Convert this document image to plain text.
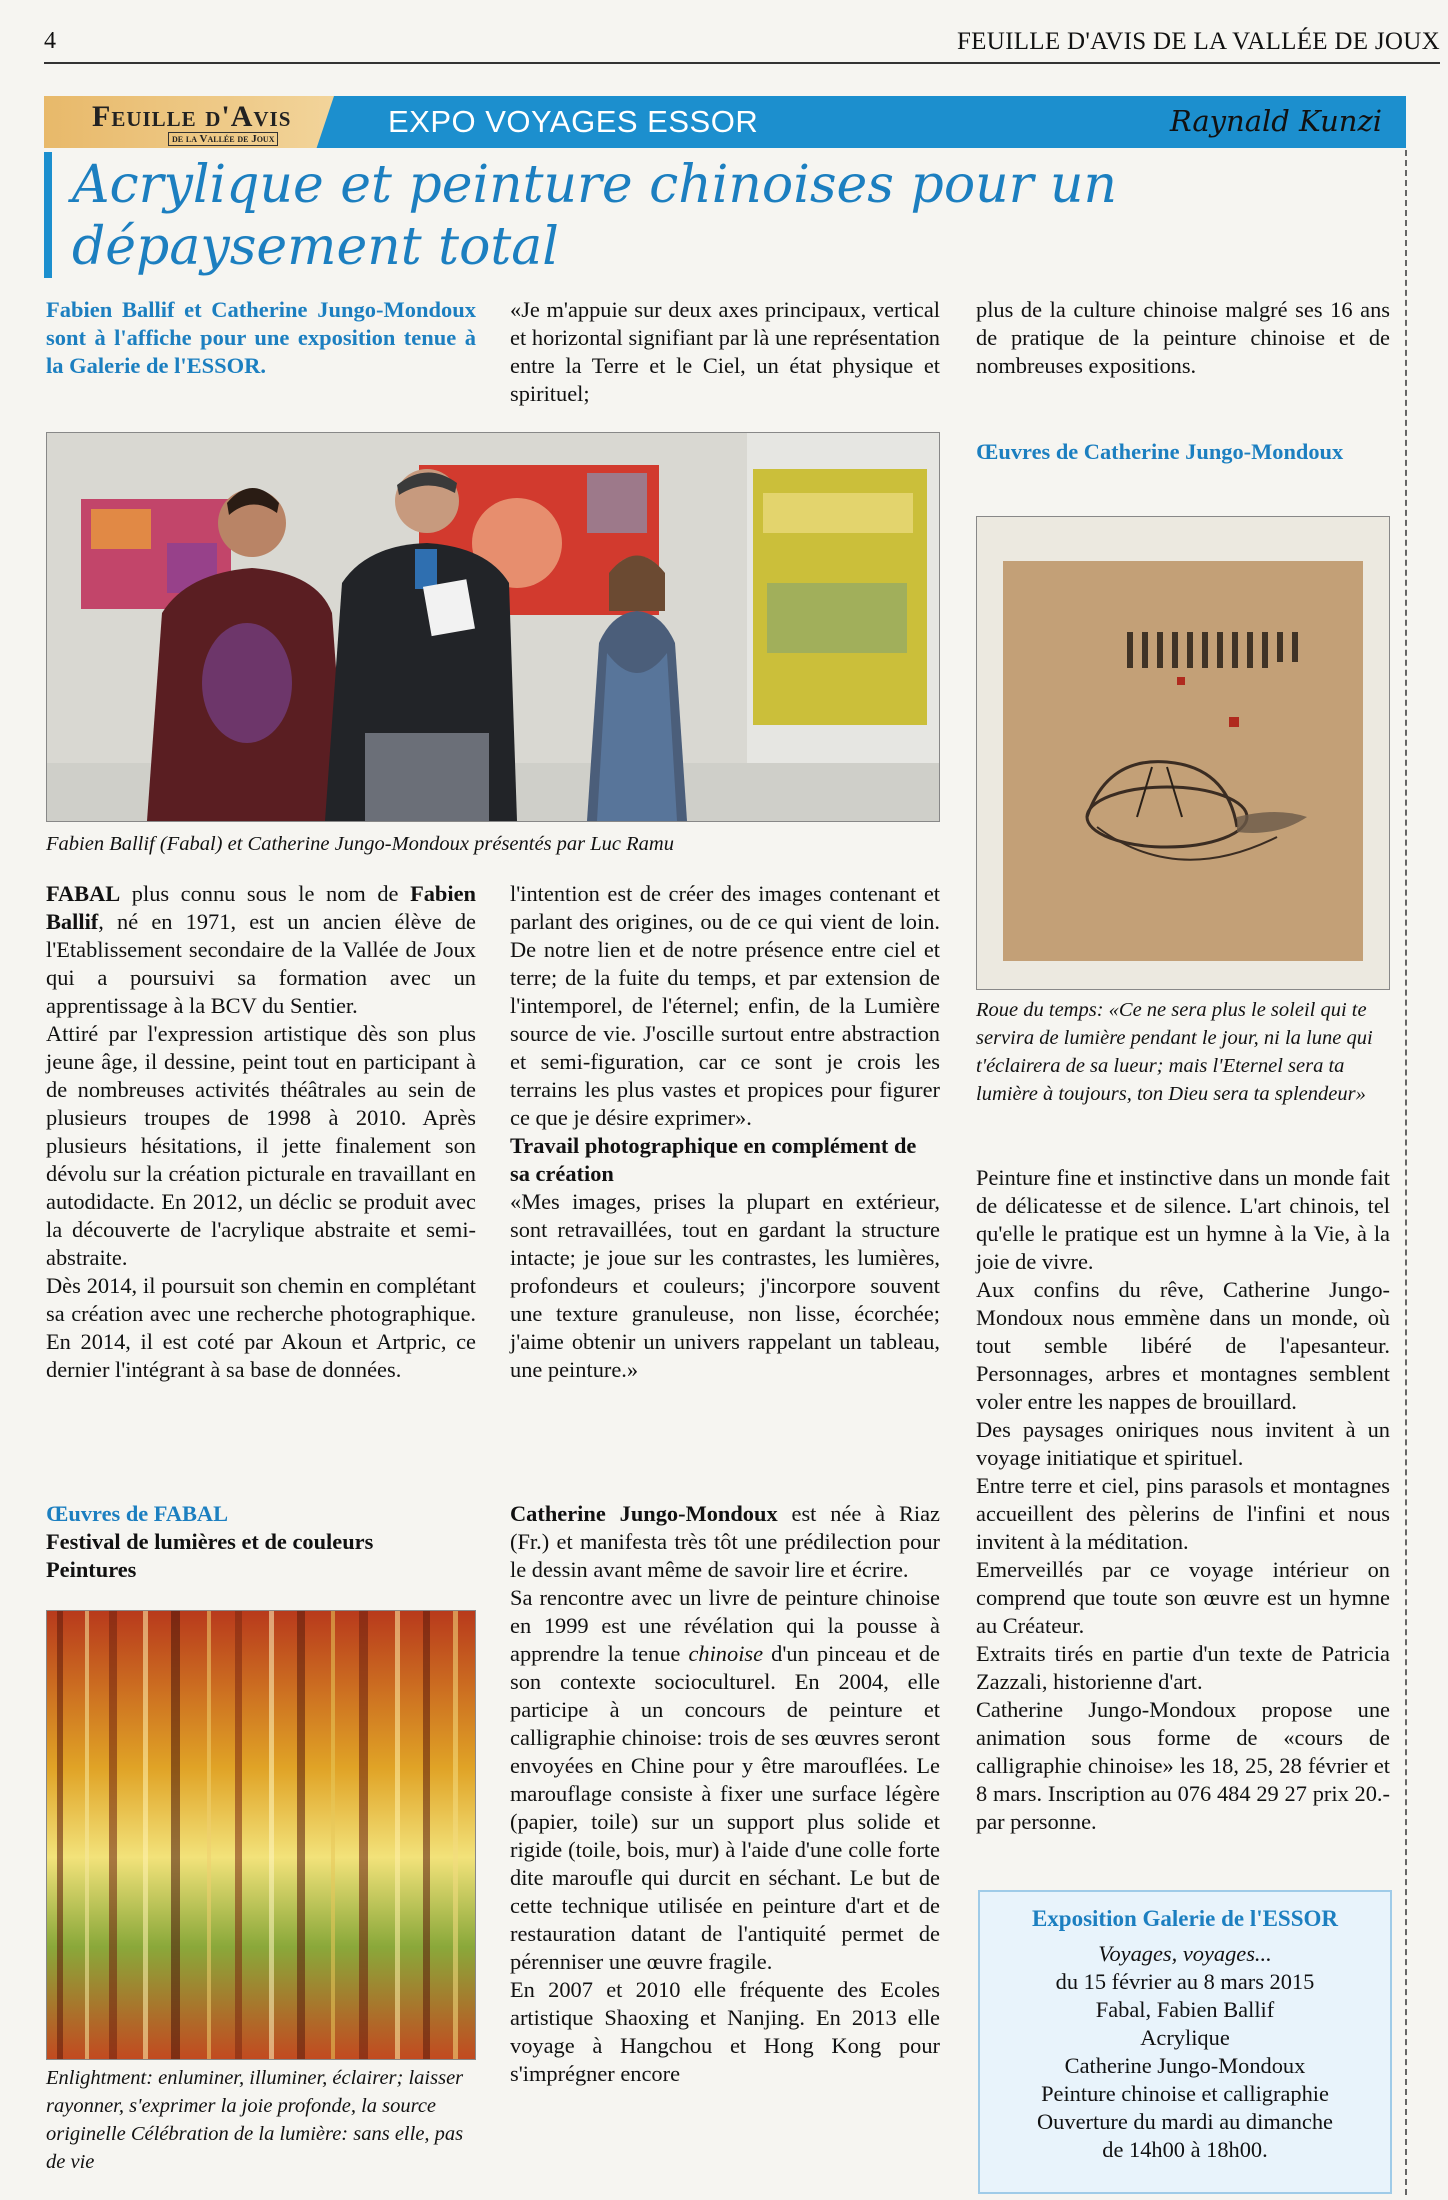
4	FEUILLE D'AVIS DE LA VALLÉE DE JOUX
Feuille d'Avis
de la Vallée de Joux	EXPO VOYAGES ESSOR	Raynald Kunzi
Acrylique et peinture chinoises pour un dépaysement total
Fabien Ballif et Catherine Jungo-Mondoux sont à l'affiche pour une exposition tenue à la Galerie de l'ESSOR.
«Je m'appuie sur deux axes principaux, vertical et horizontal signifiant par là une représentation entre la Terre et le Ciel, un état physique et spirituel;
plus de la culture chinoise malgré ses 16 ans de pratique de la peinture chinoise et de nombreuses expositions.
Fabien Ballif (Fabal) et Catherine Jungo-Mondoux présentés par Luc Ramu

FABAL plus connu sous le nom de Fabien Ballif, né en 1971, est un ancien élève de l'Etablissement secondaire de la Vallée de Joux qui a poursuivi sa formation avec un apprentissage à la BCV du Sentier.

Attiré par l'expression artistique dès son plus jeune âge, il dessine, peint tout en participant à de nombreuses activités théâtrales au sein de plusieurs troupes de 1998 à 2010. Après plusieurs hésitations, il jette finalement son dévolu sur la création picturale en travaillant en autodidacte. En 2012, un déclic se produit avec la découverte de l'acrylique abstraite et semi-abstraite.

Dès 2014, il poursuit son chemin en complétant sa création avec une recherche photographique. En 2014, il est coté par Akoun et Artpric, ce dernier l'intégrant à sa base de données.

Œuvres de FABAL

Festival de lumières et de couleurs

Peintures

Enlightment: enluminer, illuminer, éclairer; laisser rayonner, s'exprimer la joie profonde, la source originelle Célébration de la lumière: sans elle, pas de vie

l'intention est de créer des images contenant et parlant des origines, ou de ce qui vient de loin. De notre lien et de notre présence entre ciel et terre; de la fuite du temps, et par extension de l'intemporel, de l'éternel; enfin, de la Lumière source de vie. J'oscille surtout entre abstraction et semi-figuration, car ce sont je crois les terrains les plus vastes et propices pour figurer ce que je désire exprimer».

Travail photographique en complément de sa création

«Mes images, prises la plupart en extérieur, sont retravaillées, tout en gardant la structure intacte; je joue sur les contrastes, les lumières, profondeurs et couleurs; j'incorpore souvent une texture granuleuse, non lisse, écorchée; j'aime obtenir un univers rappelant un tableau, une peinture.»

Catherine Jungo-Mondoux est née à Riaz (Fr.) et manifesta très tôt une prédilection pour le dessin avant même de savoir lire et écrire.

Sa rencontre avec un livre de peinture chinoise en 1999 est une révélation qui la pousse à apprendre la tenue chinoise d'un pinceau et de son contexte socioculturel. En 2004, elle participe à un concours de peinture et calligraphie chinoise: trois de ses œuvres seront envoyées en Chine pour y être marouflées. Le marouflage consiste à fixer une surface légère (papier, toile) sur un support plus solide et rigide (toile, bois, mur) à l'aide d'une colle forte dite maroufle qui durcit en séchant. Le but de cette technique utilisée en peinture d'art et de restauration datant de l'antiquité permet de pérenniser une œuvre fragile.

En 2007 et 2010 elle fréquente des Ecoles artistique Shaoxing et Nanjing. En 2013 elle voyage à Hangchou et Hong Kong pour s'imprégner encore

Œuvres de Catherine Jungo-Mondoux

Roue du temps: «Ce ne sera plus le soleil qui te servira de lumière pendant le jour, ni la lune qui t'éclairera de sa lueur; mais l'Eternel sera ta lumière à toujours, ton Dieu sera ta splendeur»

Peinture fine et instinctive dans un monde fait de délicatesse et de silence. L'art chinois, tel qu'elle le pratique est un hymne à la Vie, à la joie de vivre.

Aux confins du rêve, Catherine Jungo-Mondoux nous emmène dans un monde, où tout semble libéré de l'apesanteur. Personnages, arbres et montagnes semblent voler entre les nappes de brouillard.

Des paysages oniriques nous invitent à un voyage initiatique et spirituel.

Entre terre et ciel, pins parasols et montagnes accueillent des pèlerins de l'infini et nous invitent à la méditation.

Emerveillés par ce voyage intérieur on comprend que toute son œuvre est un hymne au Créateur.

Extraits tirés en partie d'un texte de Patricia Zazzali, historienne d'art.

Catherine Jungo-Mondoux propose une animation sous forme de «cours de calligraphie chinoise» les 18, 25, 28 février et 8 mars. Inscription au 076 484 29 27 prix 20.- par personne.

Exposition Galerie de l'ESSOR
Voyages, voyages...
du 15 février au 8 mars 2015
Fabal, Fabien Ballif
Acrylique
Catherine Jungo-Mondoux
Peinture chinoise et calligraphie
Ouverture du mardi au dimanche
de 14h00 à 18h00.
